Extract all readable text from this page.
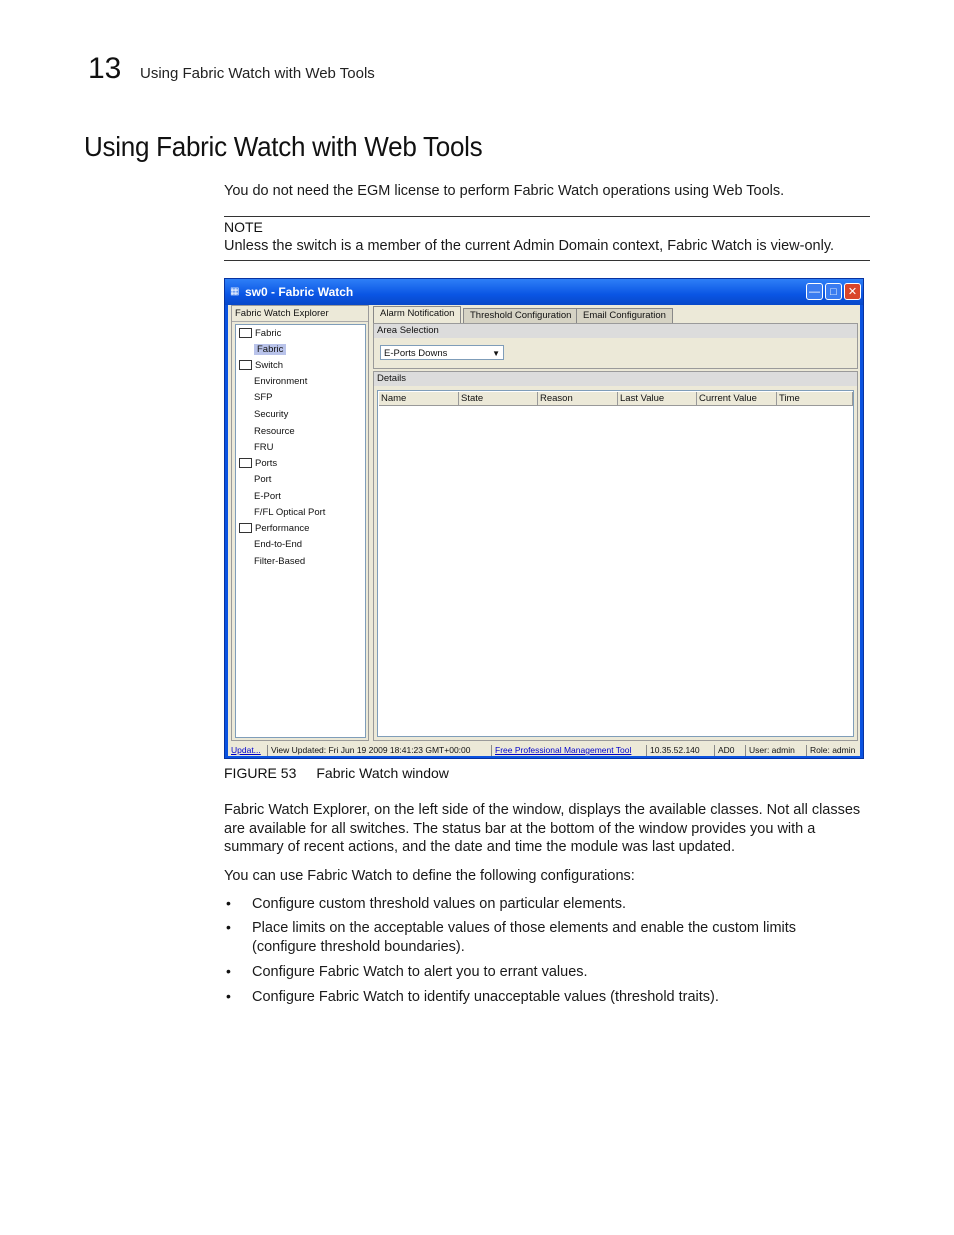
13 Using Fabric Watch with Web Tools
Using Fabric Watch with Web Tools
You do not need the EGM license to perform Fabric Watch operations using Web Tools.
NOTE
Unless the switch is a member of the current Admin Domain context, Fabric Watch is view-only.
▦ sw0 - Fabric Watch	— □	✕
Fabric Watch Explorer
Fabric
Fabric
Switch
Environment
SFP
Security
Resource
FRU
Ports
Port
E-Port
F/FL Optical Port
Performance
End-to-End
Filter-Based
Alarm Notification	Threshold Configuration	Email Configuration
Area Selection
E-Ports Downs	▼
Details
Name	State	Reason	Last Value	Current Value	Time
Updat...	View Updated: Fri Jun 19 2009 18:41:23 GMT+00:00	Free Professional Management Tool	10.35.52.140	AD0	User: admin	Role: admin
FIGURE 53 Fabric Watch window
Fabric Watch Explorer, on the left side of the window, displays the available classes. Not all classes
are available for all switches. The status bar at the bottom of the window provides you with a
summary of recent actions, and the date and time the module was last updated.
You can use Fabric Watch to define the following configurations:
• Configure custom threshold values on particular elements.
• Place limits on the acceptable values of those elements and enable the custom limits
(configure threshold boundaries).
• Configure Fabric Watch to alert you to errant values.
• Configure Fabric Watch to identify unacceptable values (threshold traits).
